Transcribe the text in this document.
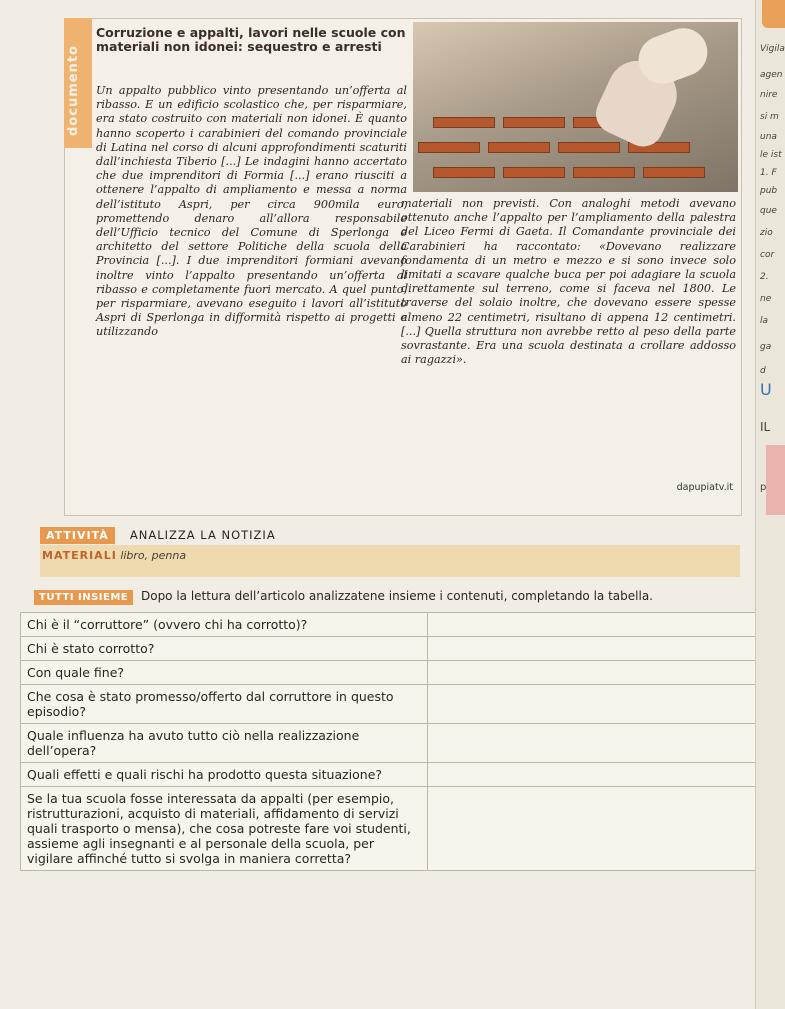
documento
Corruzione e appalti, lavori nelle scuole con materiali non idonei: sequestro e arresti
Un appalto pubblico vinto presentando un’offerta al ribasso. E un edificio scolastico che, per risparmiare, era stato costruito con materiali non idonei. È quanto hanno scoperto i carabinieri del comando provinciale di Latina nel corso di alcuni approfondimenti scaturiti dall’inchiesta Tiberio [...] Le indagini hanno accertato che due imprenditori di Formia [...] erano riusciti a ottenere l’appalto di ampliamento e messa a norma dell’istituto Aspri, per circa 900mila euro, promettendo denaro all’allora responsabile dell’Ufficio tecnico del Comune di Sperlonga e architetto del settore Politiche della scuola della Provincia [...]. I due imprenditori formiani avevano inoltre vinto l’appalto presentando un’offerta al ribasso e completamente fuori mercato. A quel punto, per risparmiare, avevano eseguito i lavori all’istituto Aspri di Sperlonga in difformità rispetto ai progetti e utilizzando
materiali non previsti. Con analoghi metodi avevano ottenuto anche l’appalto per l’ampliamento della palestra del Liceo Fermi di Gaeta. Il Comandante provinciale dei Carabinieri ha raccontato: «Dovevano realizzare fondamenta di un metro e mezzo e si sono invece solo limitati a scavare qualche buca per poi adagiare la scuola direttamente sul terreno, come si faceva nel 1800. Le traverse del solaio inoltre, che dovevano essere spesse almeno 22 centimetri, risultano di appena 12 centimetri. [...] Quella struttura non avrebbe retto al peso della parte sovrastante. Era una scuola destinata a crollare addosso ai ragazzi».
dapupiatv.it
ATTIVITÀ ANALIZZA LA NOTIZIA
MATERIALI libro, penna
TUTTI INSIEME Dopo la lettura dell’articolo analizzatene insieme i contenuti, completando la tabella.
Chi è il “corruttore” (ovvero chi ha corrotto)?	
Chi è stato corrotto?	
Con quale fine?	
Che cosa è stato promesso/offerto dal corruttore in questo episodio?	
Quale influenza ha avuto tutto ciò nella realizzazione dell’opera?	
Quali effetti e quali rischi ha prodotto questa situazione?	
Se la tua scuola fosse interessata da appalti (per esempio, ristrutturazioni, acquisto di materiali, affidamento di servizi quali trasporto o mensa), che cosa potreste fare voi studenti, assieme agli insegnanti e al personale della scuola, per vigilare affinché tutto si svolga in maniera corretta?	
Vigila
agen
nire
si m
una
le ist
1. F
pub
que
zio
cor
2.
ne
la
ga
d
U
IL
p
